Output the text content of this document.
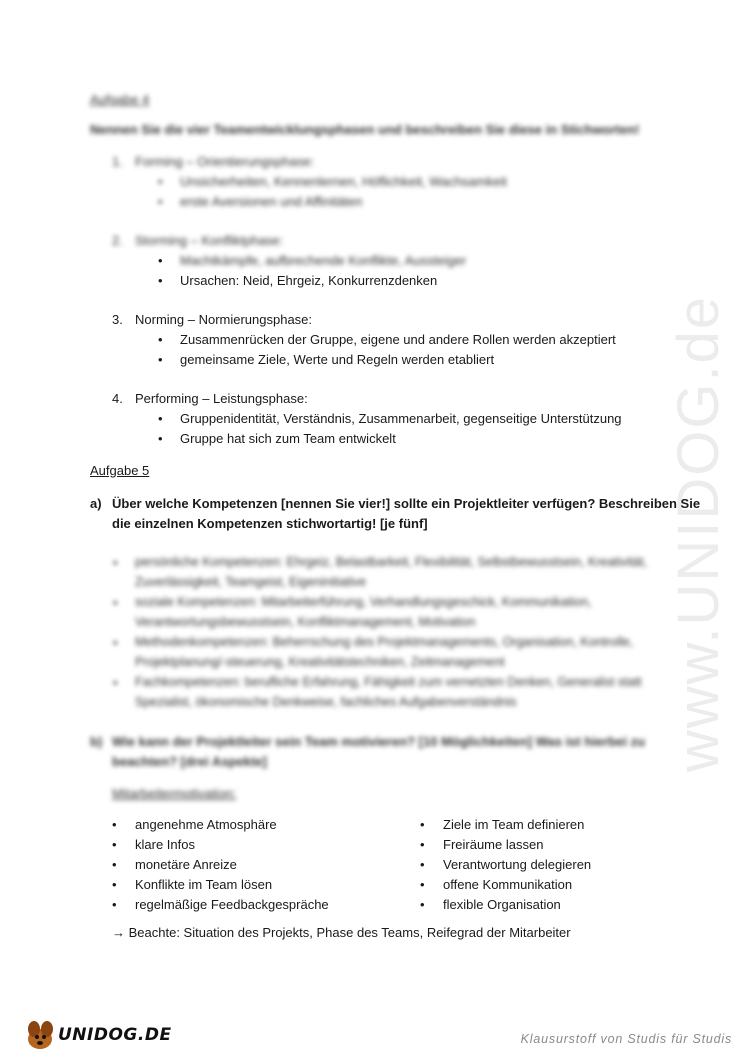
www.UNIDOG.de
Aufgabe 4
Nennen Sie die vier Teamentwicklungsphasen und beschreiben Sie diese in Stichworten!
1. Forming – Orientierungsphase:
• Unsicherheiten, Kennenlernen, Höflichkeit, Wachsamkeit
• erste Aversionen und Affinitäten
2. Storming – Konfliktphase:
• Machtkämpfe, aufbrechende Konflikte, Aussteiger
• Ursachen: Neid, Ehrgeiz, Konkurrenzdenken
3. Norming – Normierungsphase:
• Zusammenrücken der Gruppe, eigene und andere Rollen werden akzeptiert
• gemeinsame Ziele, Werte und Regeln werden etabliert
4. Performing – Leistungsphase:
• Gruppenidentität, Verständnis, Zusammenarbeit, gegenseitige Unterstützung
• Gruppe hat sich zum Team entwickelt
Aufgabe 5
a) Über welche Kompetenzen [nennen Sie vier!] sollte ein Projektleiter verfügen? Beschreiben Sie
die einzelnen Kompetenzen stichwortartig! [je fünf]
• persönliche Kompetenzen: Ehrgeiz, Belastbarkeit, Flexibilität, Selbstbewusstsein, Kreativität,
Zuverlässigkeit, Teamgeist, Eigeninitiative
• soziale Kompetenzen: Mitarbeiterführung, Verhandlungsgeschick, Kommunikation,
Verantwortungsbewusstsein, Konfliktmanagement, Motivation
• Methodenkompetenzen: Beherrschung des Projektmanagements, Organisation, Kontrolle,
Projektplanung/-steuerung, Kreativitätstechniken, Zeitmanagement
• Fachkompetenzen: berufliche Erfahrung, Fähigkeit zum vernetzten Denken, Generalist statt
Spezialist, ökonomische Denkweise, fachliches Aufgabenverständnis
b) Wie kann der Projektleiter sein Team motivieren? [10 Möglichkeiten] Was ist hierbei zu
beachten? [drei Aspekte]
Mitarbeitermotivation:
• angenehme Atmosphäre
• klare Infos
• monetäre Anreize
• Konflikte im Team lösen
• regelmäßige Feedbackgespräche
• Ziele im Team definieren
• Freiräume lassen
• Verantwortung delegieren
• offene Kommunikation
• flexible Organisation
→ Beachte: Situation des Projekts, Phase des Teams, Reifegrad der Mitarbeiter
UNIDOG.DE	Klausurstoff von Studis für Studis
